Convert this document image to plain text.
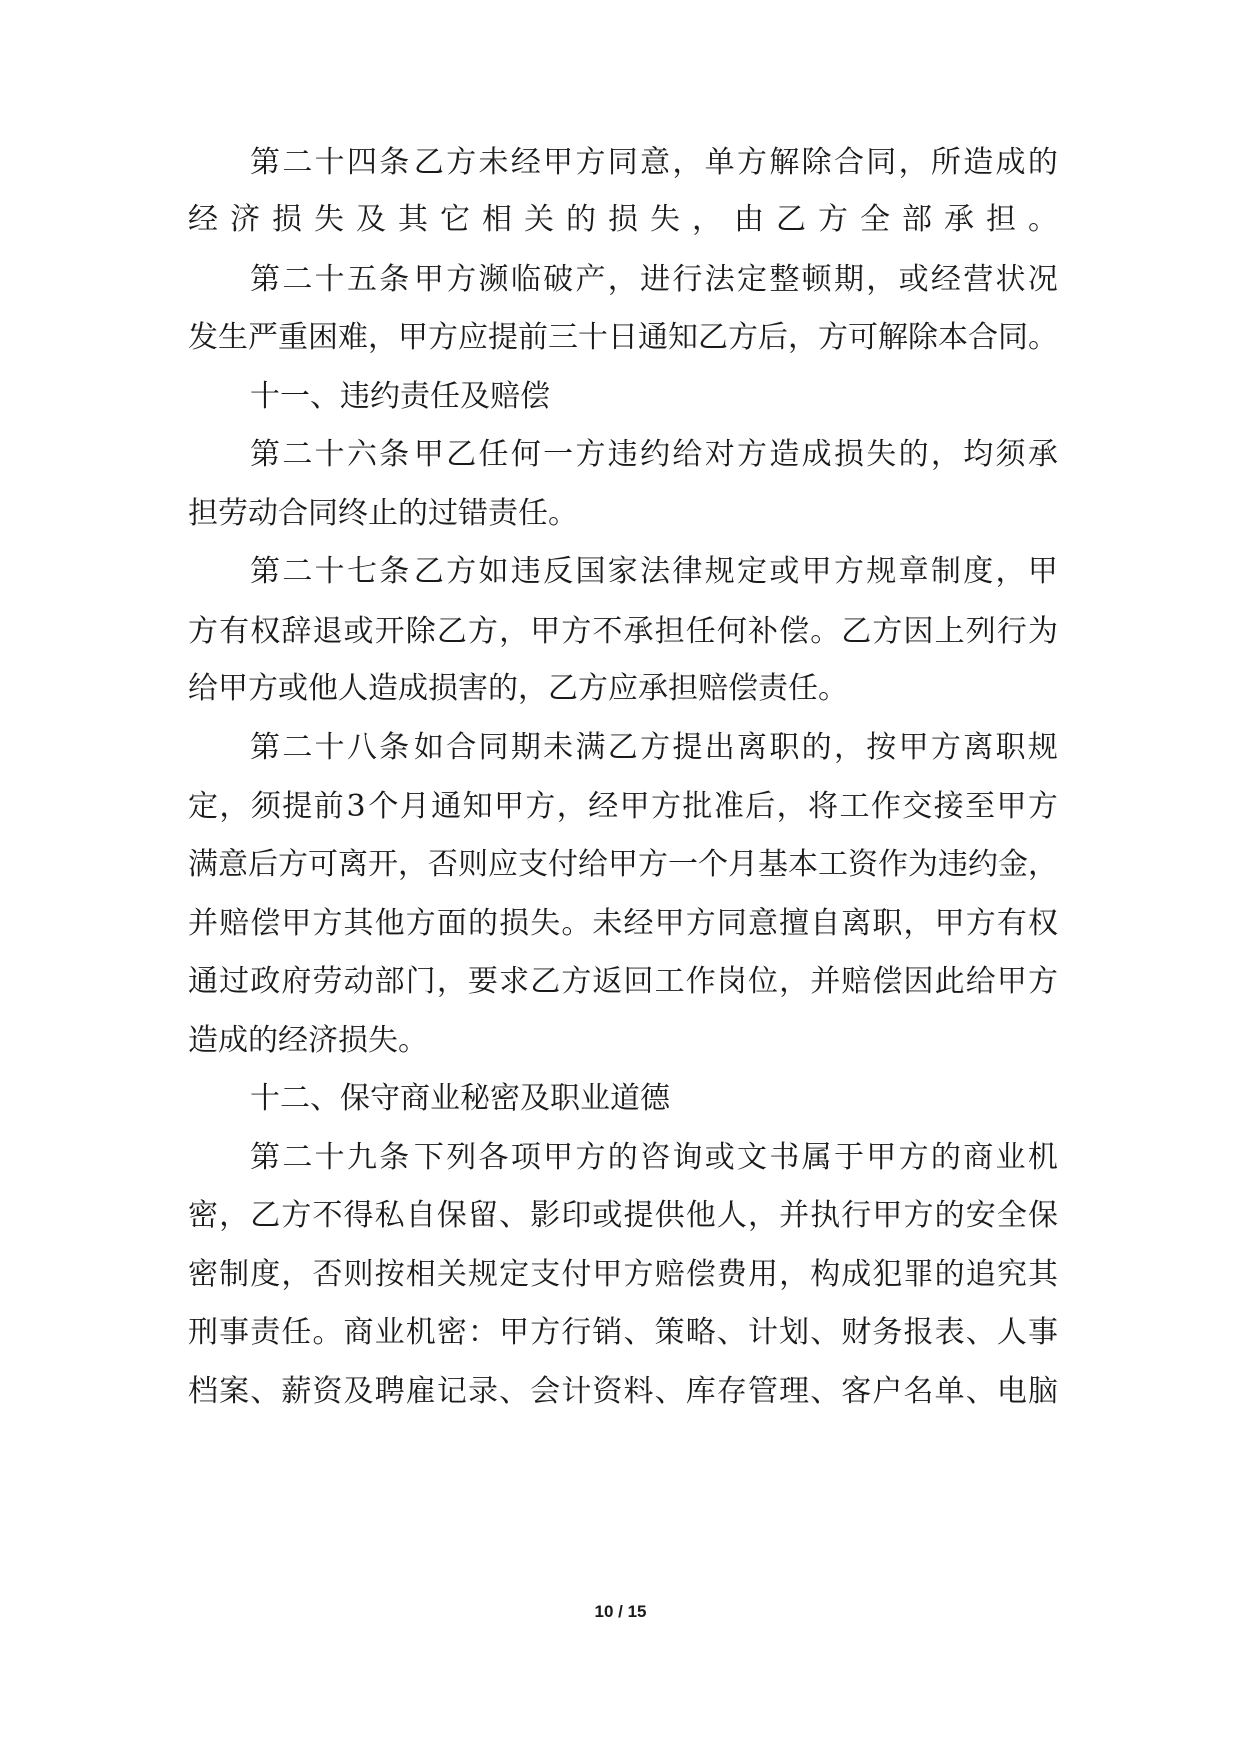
第 二 十 四 条 乙 方 未 经 甲 方 同 意 ， 单 方 解 除 合 同 ， 所 造 成 的
经 济 损 失 及 其 它 相 关 的 损 失 ， 由 乙 方 全 部 承 担 。
第 二 十 五 条 甲 方 濒 临 破 产 ， 进 行 法 定 整 顿 期 ， 或 经 营 状 况
发 生 严 重 困 难 ， 甲 方 应 提 前 三 十 日 通 知 乙 方 后 ， 方 可 解 除 本 合 同 。
十一、违约责任及赔偿
第 二 十 六 条 甲 乙 任 何 一 方 违 约 给 对 方 造 成 损 失 的 ， 均 须 承
担劳动合同终止的过错责任。
第 二 十 七 条 乙 方 如 违 反 国 家 法 律 规 定 或 甲 方 规 章 制 度 ， 甲
方 有 权 辞 退 或 开 除 乙 方 ， 甲 方 不 承 担 任 何 补 偿 。 乙 方 因 上 列 行 为
给甲方或他人造成损害的，乙方应承担赔偿责任。
第 二 十 八 条 如 合 同 期 未 满 乙 方 提 出 离 职 的 ， 按 甲 方 离 职 规
定 ， 须 提 前 3 个 月 通 知 甲 方 ， 经 甲 方 批 准 后 ， 将 工 作 交 接 至 甲 方
满 意 后 方 可 离 开 ， 否 则 应 支 付 给 甲 方 一 个 月 基 本 工 资 作 为 违 约 金 ，
并 赔 偿 甲 方 其 他 方 面 的 损 失 。 未 经 甲 方 同 意 擅 自 离 职 ， 甲 方 有 权
通 过 政 府 劳 动 部 门 ， 要 求 乙 方 返 回 工 作 岗 位 ， 并 赔 偿 因 此 给 甲 方
造成的经济损失。
十二、保守商业秘密及职业道德
第 二 十 九 条 下 列 各 项 甲 方 的 咨 询 或 文 书 属 于 甲 方 的 商 业 机
密 ， 乙 方 不 得 私 自 保 留 、 影 印 或 提 供 他 人 ， 并 执 行 甲 方 的 安 全 保
密 制 度 ， 否 则 按 相 关 规 定 支 付 甲 方 赔 偿 费 用 ， 构 成 犯 罪 的 追 究 其
刑 事 责 任 。 商 业 机 密 ： 甲 方 行 销 、 策 略 、 计 划 、 财 务 报 表 、 人 事
档 案 、 薪 资 及 聘 雇 记 录 、 会 计 资 料 、 库 存 管 理 、 客 户 名 单 、 电 脑
10 / 15
